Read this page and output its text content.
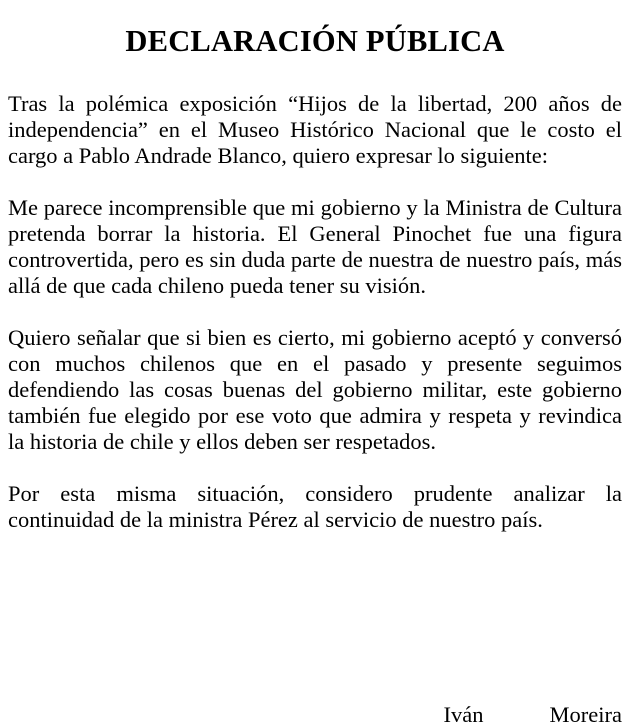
DECLARACIÓN PÚBLICA

Tras la polémica exposición “Hijos de la libertad, 200 años de independencia” en el Museo Histórico Nacional que le costo el cargo a Pablo Andrade Blanco, quiero expresar lo siguiente:

Me parece incomprensible que mi gobierno y la Ministra de Cultura pretenda borrar la historia. El General Pinochet fue una figura controvertida, pero es sin duda parte de nuestra de nuestro país, más allá de que cada chileno pueda tener su visión.

Quiero señalar que si bien es cierto, mi gobierno aceptó y conversó con muchos chilenos que en el pasado y presente seguimos defendiendo las cosas buenas del gobierno militar, este gobierno también fue elegido por ese voto que admira y respeta y revindica la historia de chile y ellos deben ser respetados.

Por esta misma situación, considero prudente analizar la continuidad de la ministra Pérez al servicio de nuestro país.

Iván	Moreira
